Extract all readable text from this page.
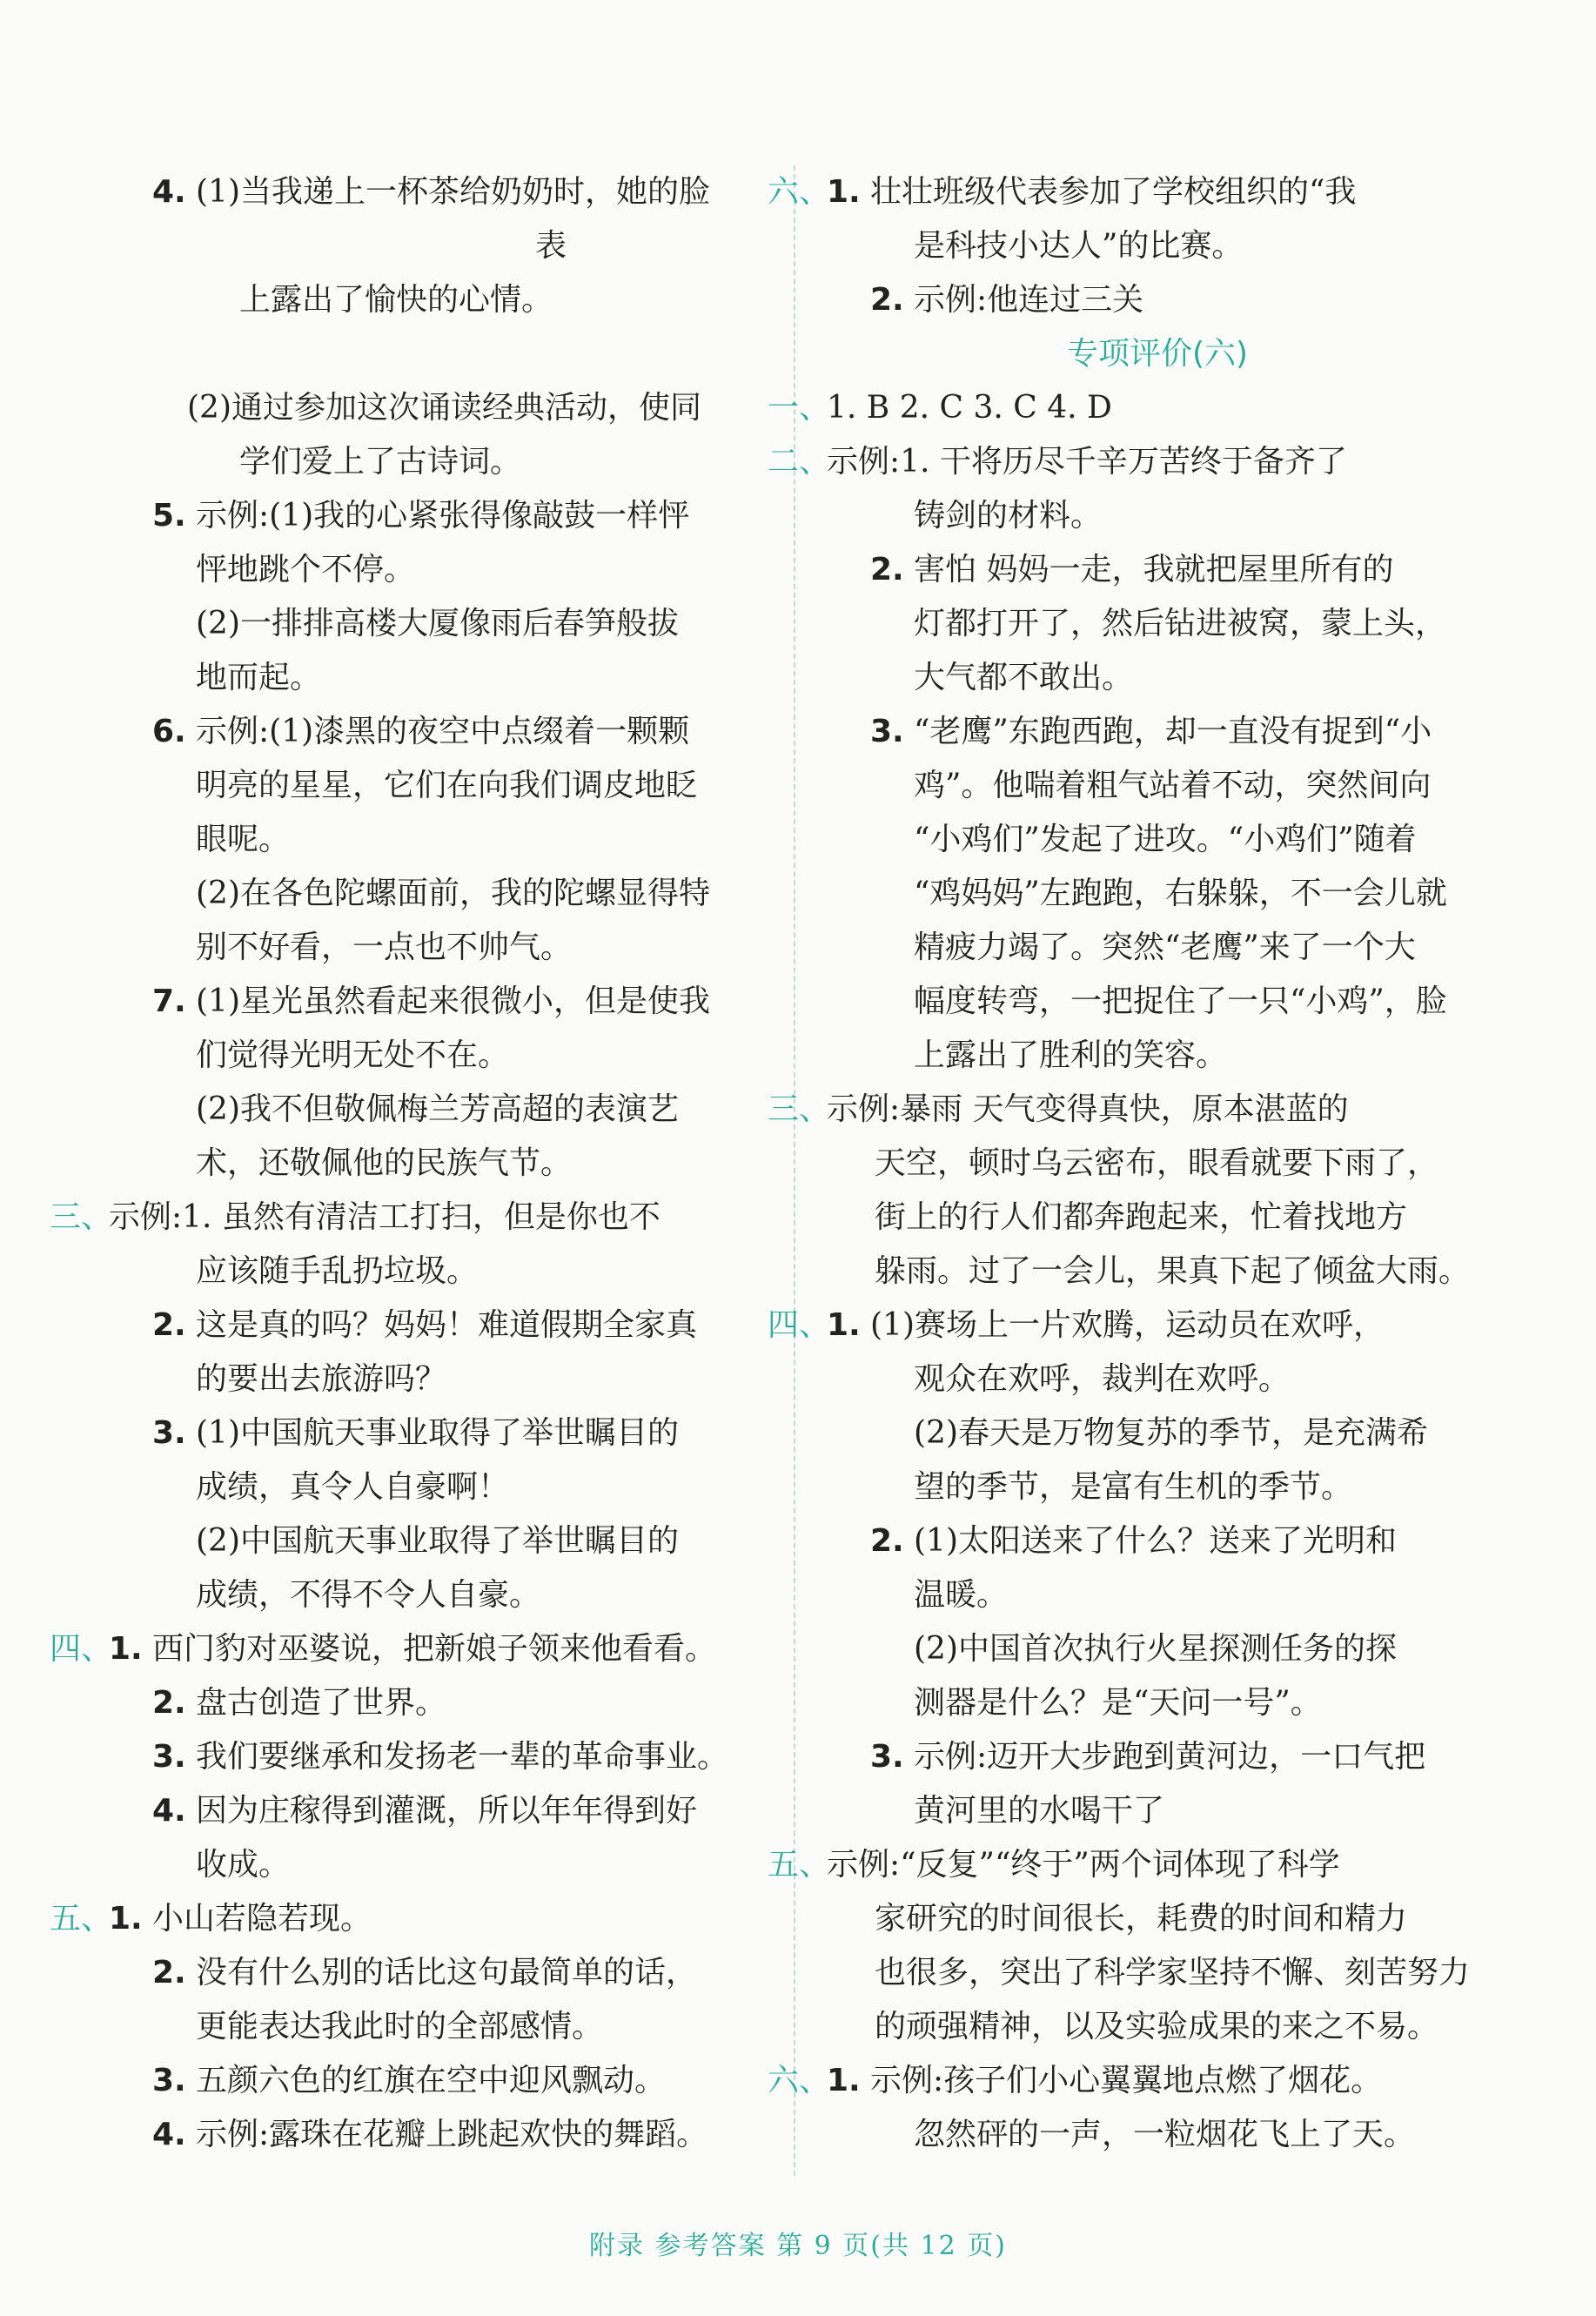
4. (1)当我递上一杯茶给奶奶时，她的脸
表
上露出了愉快的心情。
(2)通过参加这次诵读经典活动，使同
学们爱上了古诗词。
5. 示例:(1)我的心紧张得像敲鼓一样怦
怦地跳个不停。
(2)一排排高楼大厦像雨后春笋般拔
地而起。
6. 示例:(1)漆黑的夜空中点缀着一颗颗
明亮的星星，它们在向我们调皮地眨
眼呢。
(2)在各色陀螺面前，我的陀螺显得特
别不好看，一点也不帅气。
7. (1)星光虽然看起来很微小，但是使我
们觉得光明无处不在。
(2)我不但敬佩梅兰芳高超的表演艺
术，还敬佩他的民族气节。
三、
示例:1. 虽然有清洁工打扫，但是你也不
应该随手乱扔垃圾。
2. 这是真的吗？妈妈！难道假期全家真
的要出去旅游吗？
3. (1)中国航天事业取得了举世瞩目的
成绩，真令人自豪啊！
(2)中国航天事业取得了举世瞩目的
成绩，不得不令人自豪。
四、
1. 西门豹对巫婆说，把新娘子领来他看看。
2. 盘古创造了世界。
3. 我们要继承和发扬老一辈的革命事业。
4. 因为庄稼得到灌溉，所以年年得到好
收成。
五、
1. 小山若隐若现。
2. 没有什么别的话比这句最简单的话，
更能表达我此时的全部感情。
3. 五颜六色的红旗在空中迎风飘动。
4. 示例:露珠在花瓣上跳起欢快的舞蹈。
六、
1. 壮壮班级代表参加了学校组织的“我
是科技小达人”的比赛。
2. 示例:他连过三关
专项评价(六)
一、
1. B 2. C 3. C 4. D
二、
示例:1. 干将历尽千辛万苦终于备齐了
铸剑的材料。
2. 害怕 妈妈一走，我就把屋里所有的
灯都打开了，然后钻进被窝，蒙上头，
大气都不敢出。
3. “老鹰”东跑西跑，却一直没有捉到“小
鸡”。他喘着粗气站着不动，突然间向
“小鸡们”发起了进攻。“小鸡们”随着
“鸡妈妈”左跑跑，右躲躲，不一会儿就
精疲力竭了。突然“老鹰”来了一个大
幅度转弯，一把捉住了一只“小鸡”，脸
上露出了胜利的笑容。
三、
示例:暴雨 天气变得真快，原本湛蓝的
天空，顿时乌云密布，眼看就要下雨了，
街上的行人们都奔跑起来，忙着找地方
躲雨。过了一会儿，果真下起了倾盆大雨。
四、
1. (1)赛场上一片欢腾，运动员在欢呼，
观众在欢呼，裁判在欢呼。
(2)春天是万物复苏的季节，是充满希
望的季节，是富有生机的季节。
2. (1)太阳送来了什么？送来了光明和
温暖。
(2)中国首次执行火星探测任务的探
测器是什么？是“天问一号”。
3. 示例:迈开大步跑到黄河边，一口气把
黄河里的水喝干了
五、
示例:“反复”“终于”两个词体现了科学
家研究的时间很长，耗费的时间和精力
也很多，突出了科学家坚持不懈、刻苦努力
的顽强精神，以及实验成果的来之不易。
六、
1. 示例:孩子们小心翼翼地点燃了烟花。
忽然砰的一声，一粒烟花飞上了天。
附录 参考答案 第 9 页(共 12 页)
